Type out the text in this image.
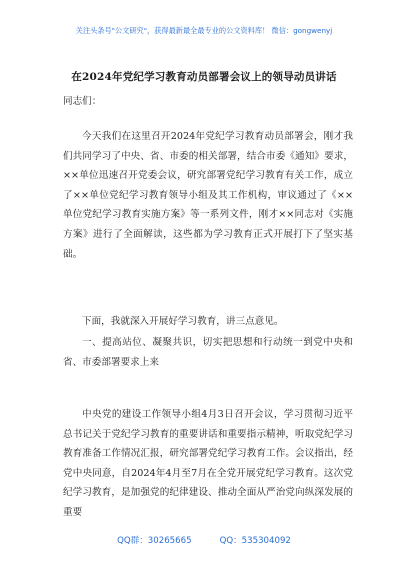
关注头条号"公文研究"，获得最新最全最专业的公文资料库！ 微信：gongwenyj
在2024年党纪学习教育动员部署会议上的领导动员讲话
同志们：
今天我们在这里召开2024年党纪学习教育动员部署会，刚才我们共同学习了中央、省、市委的相关部署，结合市委《通知》要求，××单位迅速召开党委会议，研究部署党纪学习教育有关工作，成立了××单位党纪学习教育领导小组及其工作机构，审议通过了《××单位党纪学习教育实施方案》等一系列文件，刚才××同志对《实施方案》进行了全面解读，这些都为学习教育正式开展打下了坚实基础。
下面，我就深入开展好学习教育，讲三点意见。
一、提高站位、凝聚共识，切实把思想和行动统一到党中央和省、市委部署要求上来
中央党的建设工作领导小组4月3日召开会议，学习贯彻习近平总书记关于党纪学习教育的重要讲话和重要指示精神，听取党纪学习教育准备工作情况汇报，研究部署党纪学习教育工作。会议指出，经党中央同意，自2024年4月至7月在全党开展党纪学习教育。这次党纪学习教育，是加强党的纪律建设、推动全面从严治党向纵深发展的重要
QQ群：30265665	QQ：535304092
